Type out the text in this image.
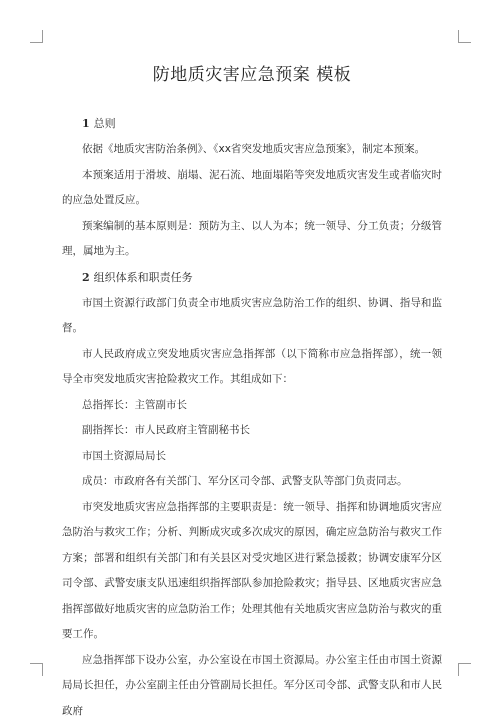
防地质灾害应急预案 模板
1 总则

依据《地质灾害防治条例》、《xx省突发地质灾害应急预案》，制定本预案。

本预案适用于滑坡、崩塌、泥石流、地面塌陷等突发地质灾害发生或者临灾时的应急处置反应。

预案编制的基本原则是：预防为主、以人为本；统一领导、分工负责；分级管理，属地为主。

2 组织体系和职责任务

市国土资源行政部门负责全市地质灾害应急防治工作的组织、协调、指导和监督。

市人民政府成立突发地质灾害应急指挥部（以下简称市应急指挥部），统一领导全市突发地质灾害抢险救灾工作。其组成如下：

总指挥长：主管副市长

副指挥长：市人民政府主管副秘书长

市国土资源局局长

成员：市政府各有关部门、军分区司令部、武警支队等部门负责同志。

市突发地质灾害应急指挥部的主要职责是：统一领导、指挥和协调地质灾害应急防治与救灾工作；分析、判断成灾或多次成灾的原因，确定应急防治与救灾工作方案；部署和组织有关部门和有关县区对受灾地区进行紧急援救；协调安康军分区司令部、武警安康支队迅速组织指挥部队参加抢险救灾；指导县、区地质灾害应急指挥部做好地质灾害的应急防治工作；处理其他有关地质灾害应急防治与救灾的重要工作。

应急指挥部下设办公室，办公室设在市国土资源局。办公室主任由市国土资源局局长担任，办公室副主任由分管副局长担任。军分区司令部、武警支队和市人民政府
